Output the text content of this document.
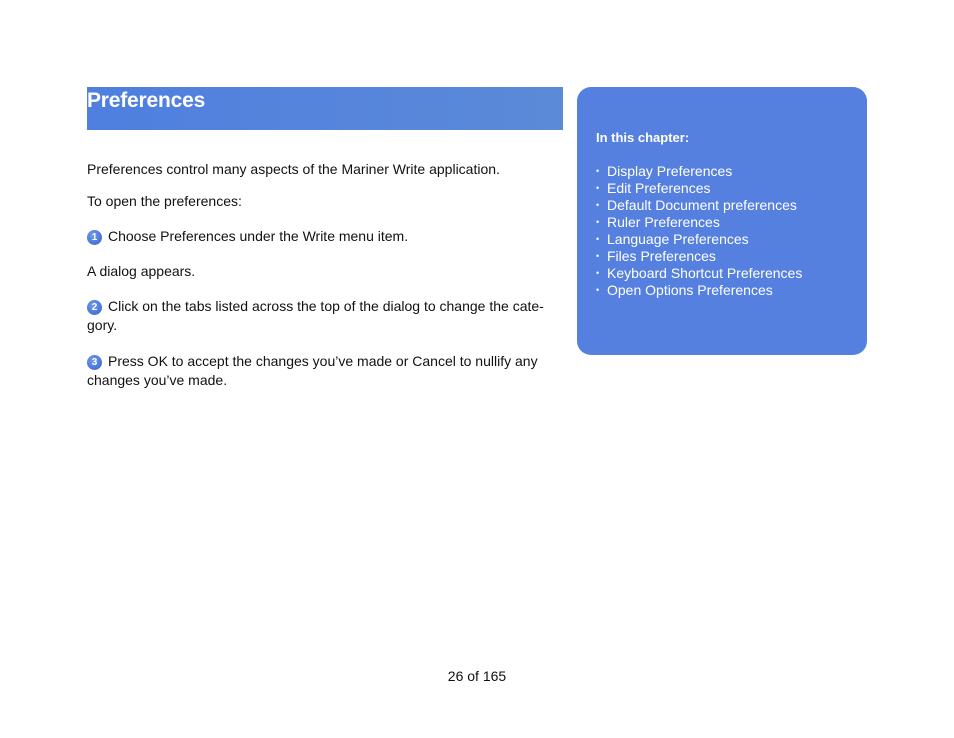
Preferences

Preferences control many aspects of the Mariner Write application.

To open the preferences:

1 Choose Preferences under the Write menu item.

A dialog appears.

2 Click on the tabs listed across the top of the dialog to change the cate-gory.

3 Press OK to accept the changes you’ve made or Cancel to nullify any changes you’ve made.

In this chapter:
• Display Preferences
• Edit Preferences
• Default Document preferences
• Ruler Preferences
• Language Preferences
• Files Preferences
• Keyboard Shortcut Preferences
• Open Options Preferences

26 of 165
